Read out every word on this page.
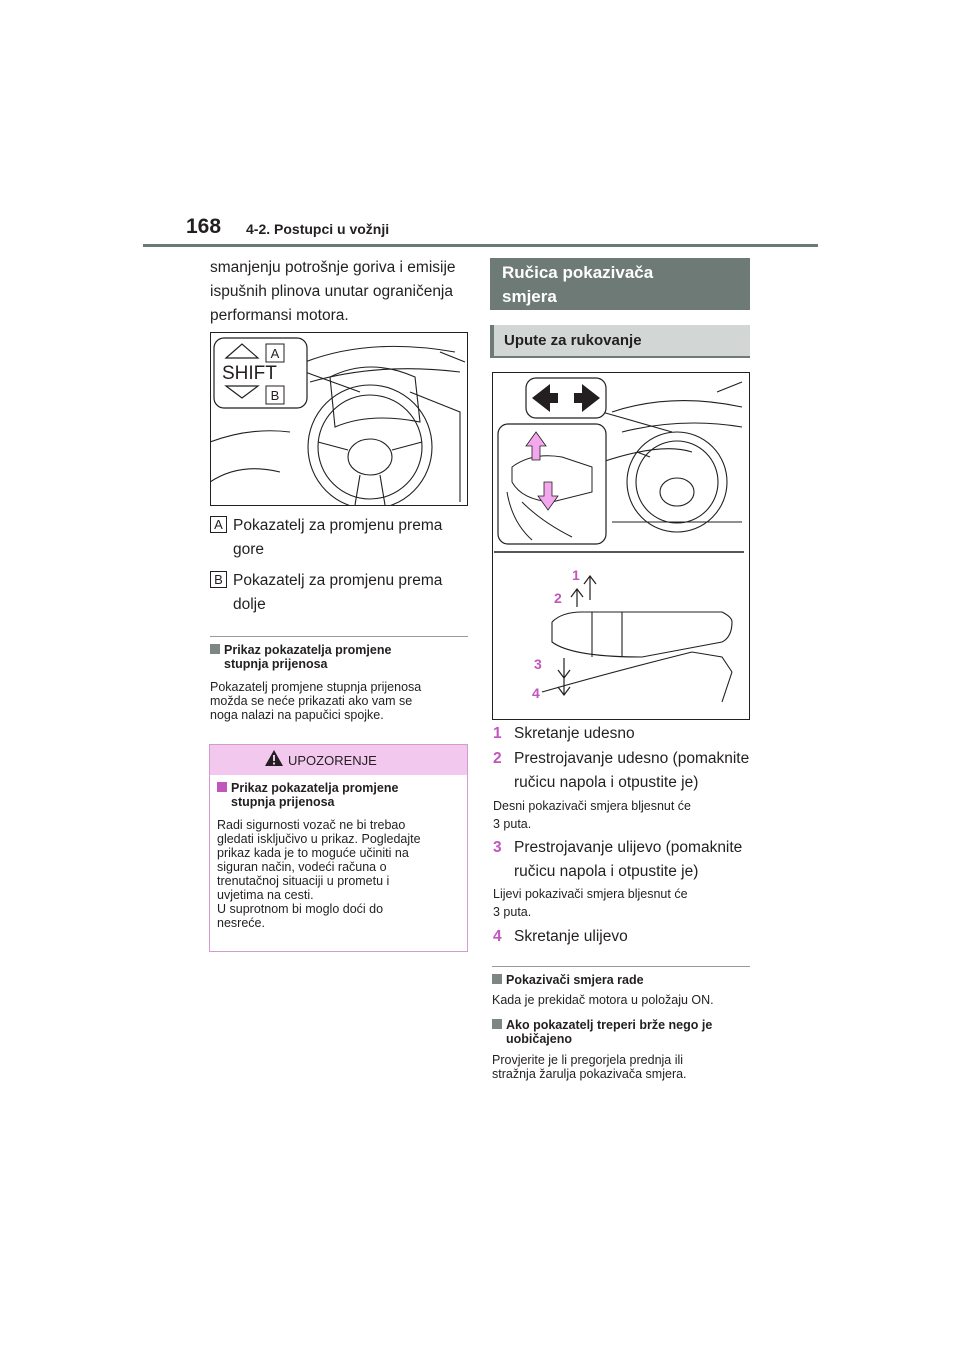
168 4-2. Postupci u vožnji
smanjenju potrošnje goriva i emisije
ispušnih plinova unutar ograničenja
performansi motora.
A
B
SHIFT
A Pokazatelj za promjenu prema
gore
B Pokazatelj za promjenu prema
dolje
Prikaz pokazatelja promjene
stupnja prijenosa
Pokazatelj promjene stupnja prijenosa
možda se neće prikazati ako vam se
noga nalazi na papučici spojke.
UPOZORENJE
Prikaz pokazatelja promjene
stupnja prijenosa
Radi sigurnosti vozač ne bi trebao
gledati isključivo u prikaz. Pogledajte
prikaz kada je to moguće učiniti na
siguran način, vodeći računa o
trenutačnoj situaciji u prometu i
uvjetima na cesti.
U suprotnom bi moglo doći do
nesreće.
Ručica pokazivača
smjera
Upute za rukovanje
1
2
3
4
1 Skretanje udesno
2 Prestrojavanje udesno (pomaknite
ručicu napola i otpustite je)
Desni pokazivači smjera bljesnut će
3 puta.
3 Prestrojavanje ulijevo (pomaknite
ručicu napola i otpustite je)
Lijevi pokazivači smjera bljesnut će
3 puta.
4 Skretanje ulijevo
Pokazivači smjera rade
Kada je prekidač motora u položaju ON.
Ako pokazatelj treperi brže nego je
uobičajeno
Provjerite je li pregorjela prednja ili
stražnja žarulja pokazivača smjera.
